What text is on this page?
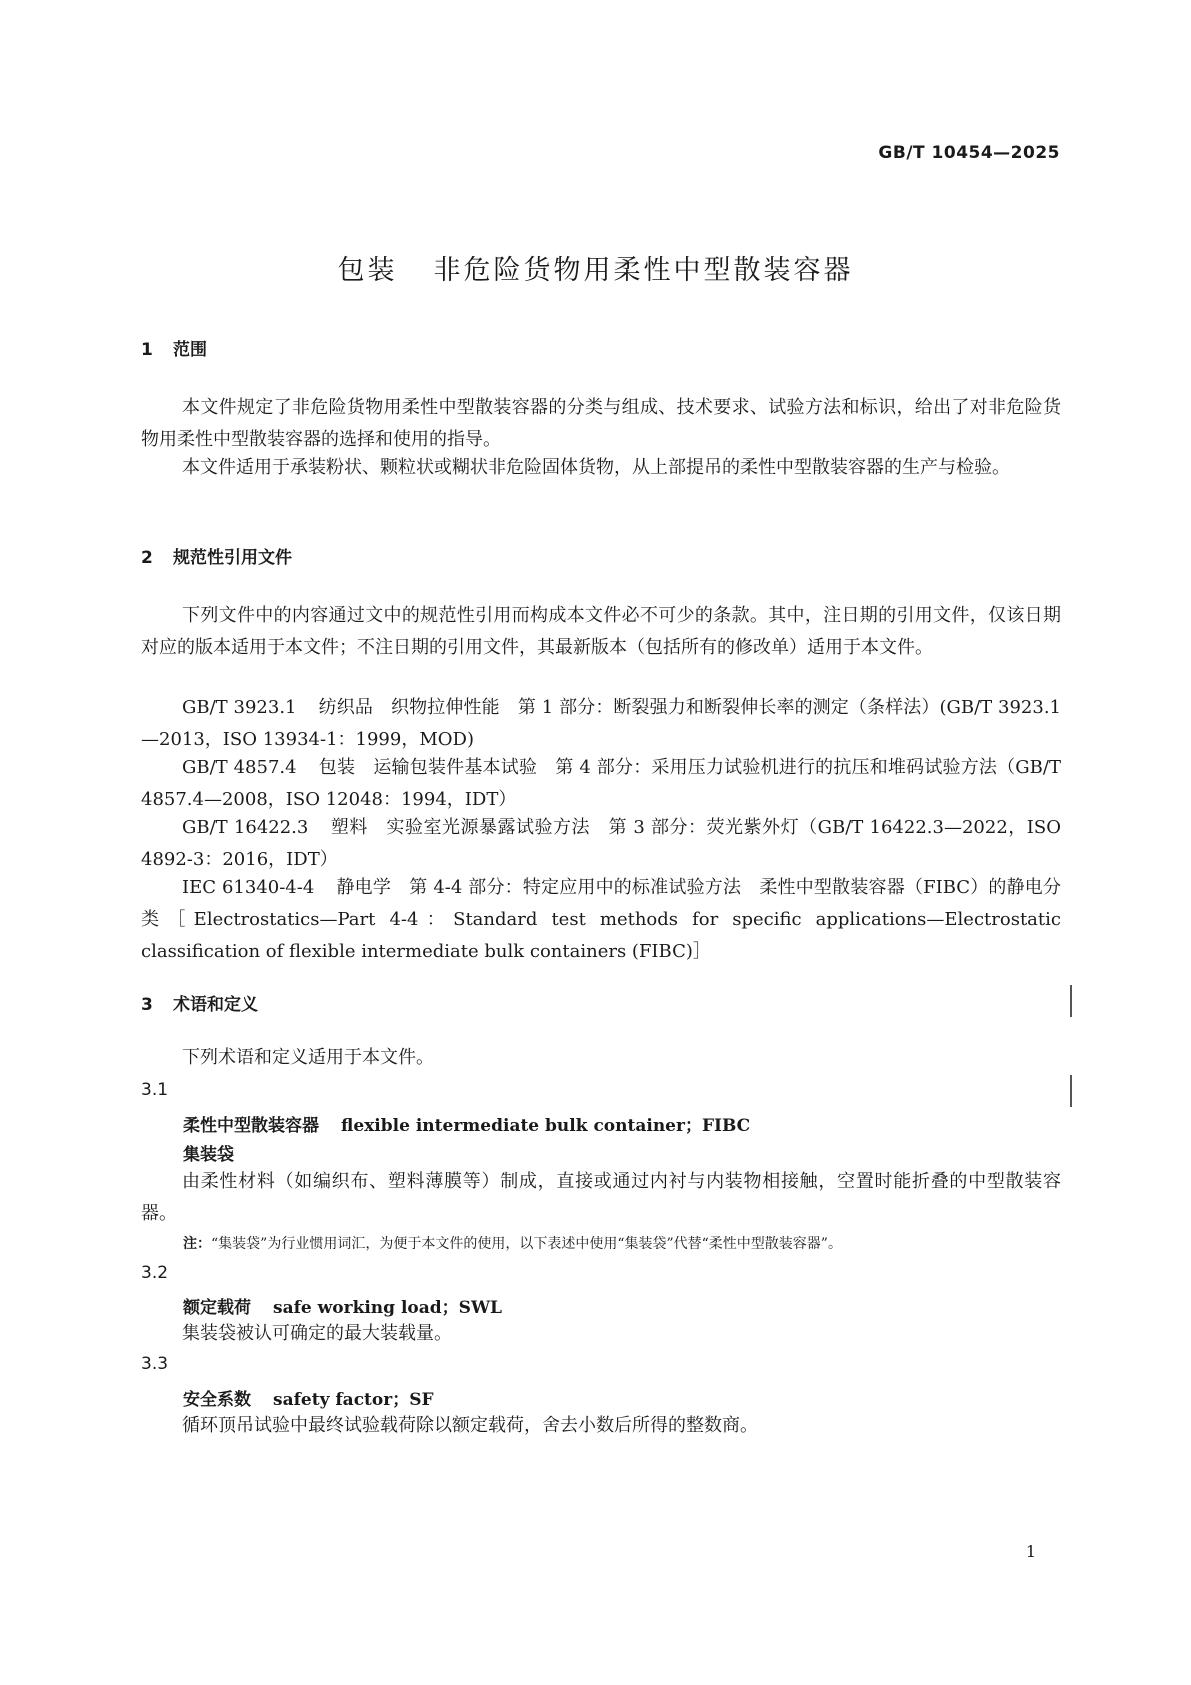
GB/T 10454—2025
包装 非危险货物用柔性中型散装容器
1 范围
本文件规定了非危险货物用柔性中型散装容器的分类与组成、技术要求、试验方法和标识，给出了对非危险货物用柔性中型散装容器的选择和使用的指导。
本文件适用于承装粉状、颗粒状或糊状非危险固体货物，从上部提吊的柔性中型散装容器的生产与检验。
2 规范性引用文件
下列文件中的内容通过文中的规范性引用而构成本文件必不可少的条款。其中，注日期的引用文件，仅该日期对应的版本适用于本文件；不注日期的引用文件，其最新版本（包括所有的修改单）适用于本文件。
GB/T 3923.1 纺织品　织物拉伸性能　第 1 部分：断裂强力和断裂伸长率的测定（条样法）(GB/T 3923.1—2013，ISO 13934-1：1999，MOD)
GB/T 4857.4 包装　运输包装件基本试验　第 4 部分：采用压力试验机进行的抗压和堆码试验方法（GB/T 4857.4—2008，ISO 12048：1994，IDT）
GB/T 16422.3 塑料　实验室光源暴露试验方法　第 3 部分：荧光紫外灯（GB/T 16422.3—2022，ISO 4892-3：2016，IDT）
IEC 61340-4-4 静电学　第 4-4 部分：特定应用中的标准试验方法　柔性中型散装容器（FIBC）的静电分类［Electrostatics—Part 4-4：Standard test methods for specific applications—Electrostatic classification of flexible intermediate bulk containers (FIBC)］
3 术语和定义
下列术语和定义适用于本文件。
3.1
柔性中型散装容器 flexible intermediate bulk container；FIBC
集装袋
由柔性材料（如编织布、塑料薄膜等）制成，直接或通过内衬与内装物相接触，空置时能折叠的中型散装容器。
注：“集装袋”为行业惯用词汇，为便于本文件的使用，以下表述中使用“集装袋”代替“柔性中型散装容器”。
3.2
额定载荷 safe working load；SWL
集装袋被认可确定的最大装载量。
3.3
安全系数 safety factor；SF
循环顶吊试验中最终试验载荷除以额定载荷，舍去小数后所得的整数商。
1
